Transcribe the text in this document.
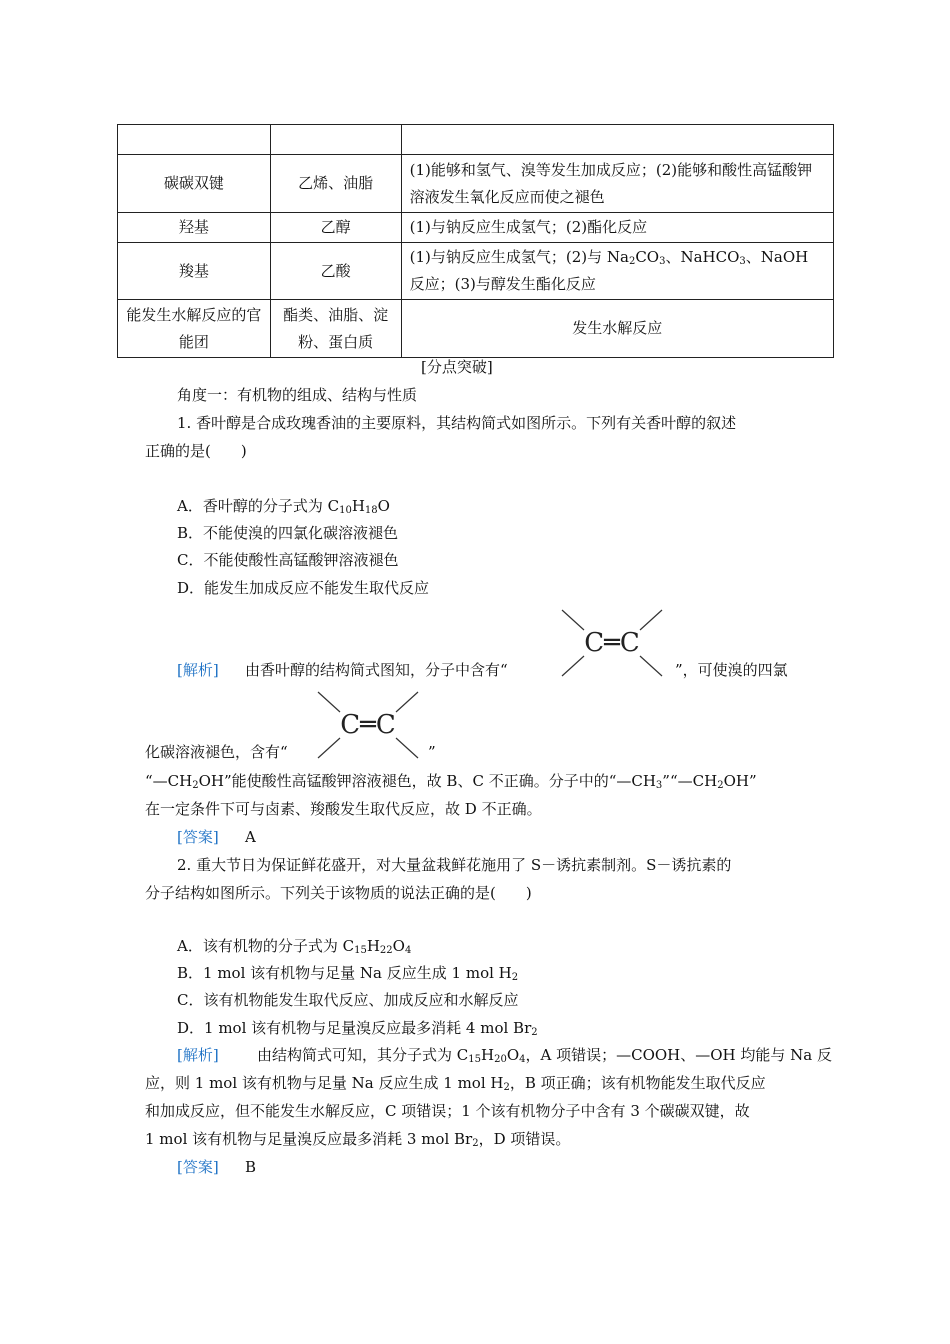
碳碳双键	乙烯、油脂	(1)能够和氢气、溴等发生加成反应；(2)能够和酸性高锰酸钾溶液发生氧化反应而使之褪色
羟基	乙醇	(1)与钠反应生成氢气；(2)酯化反应
羧基	乙酸	(1)与钠反应生成氢气；(2)与 $Na_2CO_3$、NaHCO$_3$、NaOH 反应；(3)与醇发生酯化反应
能发生水解反应的官能团	酯类、油脂、淀粉、蛋白质	发生水解反应
[分点突破]
角度一：有机物的组成、结构与性质
1. 香叶醇是合成玫瑰香油的主要原料，其结构简式如图所示。下列有关香叶醇的叙述
正确的是(　　)
A．香叶醇的分子式为 $C_{10}H_{18}O$
B．不能使溴的四氯化碳溶液褪色
C．不能使酸性高锰酸钾溶液褪色
D．能发生加成反应不能发生取代反应
[解析] 由香叶醇的结构简式图知，分子中含有“
C═C
”，可使溴的四氯
化碳溶液褪色，含有“
C═C
”
“$—CH_2OH$”能使酸性高锰酸钾溶液褪色，故 B、C 不正确。分子中的“$—CH_3”“—CH_2OH$”
在一定条件下可与卤素、羧酸发生取代反应，故 D 不正确。
[答案] A
2. 重大节日为保证鲜花盛开，对大量盆栽鲜花施用了 S－诱抗素制剂。S－诱抗素的
分子结构如图所示。下列关于该物质的说法正确的是(　　)
A．该有机物的分子式为 $C_{15}H_{22}O_4$
B．1 mol 该有机物与足量 Na 反应生成 1 mol $H_2$
C．该有机物能发生取代反应、加成反应和水解反应
D．1 mol 该有机物与足量溴反应最多消耗 4 mol $Br_2$
[解析]	由结构简式可知，其分子式为 $C_{15}H_{20}O_4$，A 项错误；—COOH、—OH 均能与 Na 反
应，则 1 mol 该有机物与足量 Na 反应生成 1 mol $H_2$，B 项正确；该有机物能发生取代反应
和加成反应，但不能发生水解反应，C 项错误；1 个该有机物分子中含有 3 个碳碳双键，故
1 mol 该有机物与足量溴反应最多消耗 3 mol $Br_2$，D 项错误。
[答案] B
